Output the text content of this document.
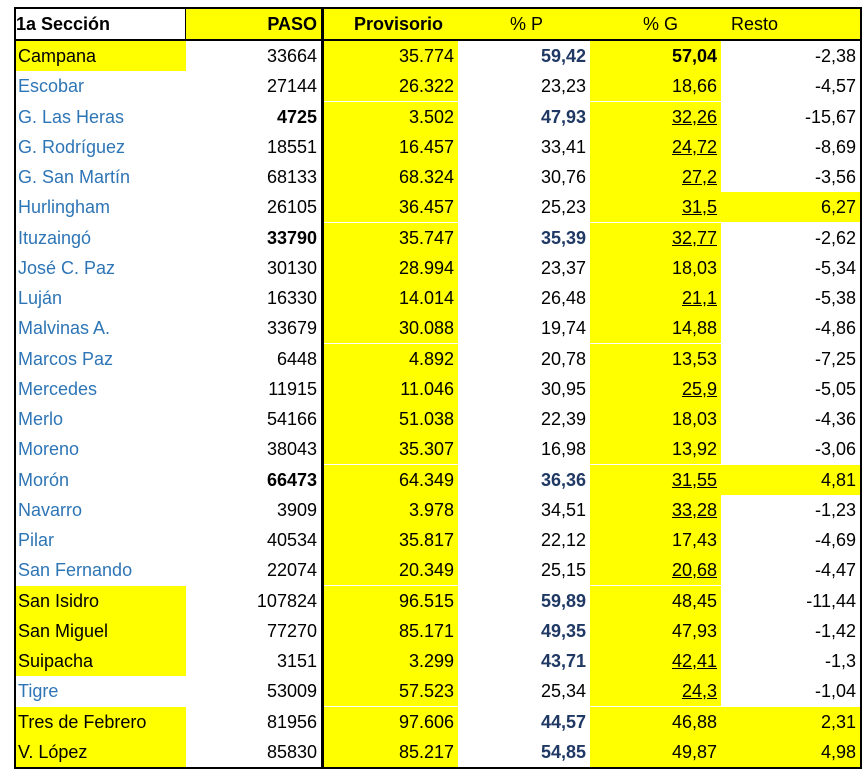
1a Sección	PASO	Provisorio	% P	% G	Resto
Campana	33664	35.774	59,42	57,04	-2,38
Escobar	27144	26.322	23,23	18,66	-4,57
G. Las Heras	4725	3.502	47,93	32,26	-15,67
G. Rodríguez	18551	16.457	33,41	24,72	-8,69
G. San Martín	68133	68.324	30,76	27,2	-3,56
Hurlingham	26105	36.457	25,23	31,5	6,27
Ituzaingó	33790	35.747	35,39	32,77	-2,62
José C. Paz	30130	28.994	23,37	18,03	-5,34
Luján	16330	14.014	26,48	21,1	-5,38
Malvinas A.	33679	30.088	19,74	14,88	-4,86
Marcos Paz	6448	4.892	20,78	13,53	-7,25
Mercedes	11915	11.046	30,95	25,9	-5,05
Merlo	54166	51.038	22,39	18,03	-4,36
Moreno	38043	35.307	16,98	13,92	-3,06
Morón	66473	64.349	36,36	31,55	4,81
Navarro	3909	3.978	34,51	33,28	-1,23
Pilar	40534	35.817	22,12	17,43	-4,69
San Fernando	22074	20.349	25,15	20,68	-4,47
San Isidro	107824	96.515	59,89	48,45	-11,44
San Miguel	77270	85.171	49,35	47,93	-1,42
Suipacha	3151	3.299	43,71	42,41	-1,3
Tigre	53009	57.523	25,34	24,3	-1,04
Tres de Febrero	81956	97.606	44,57	46,88	2,31
V. López	85830	85.217	54,85	49,87	4,98
